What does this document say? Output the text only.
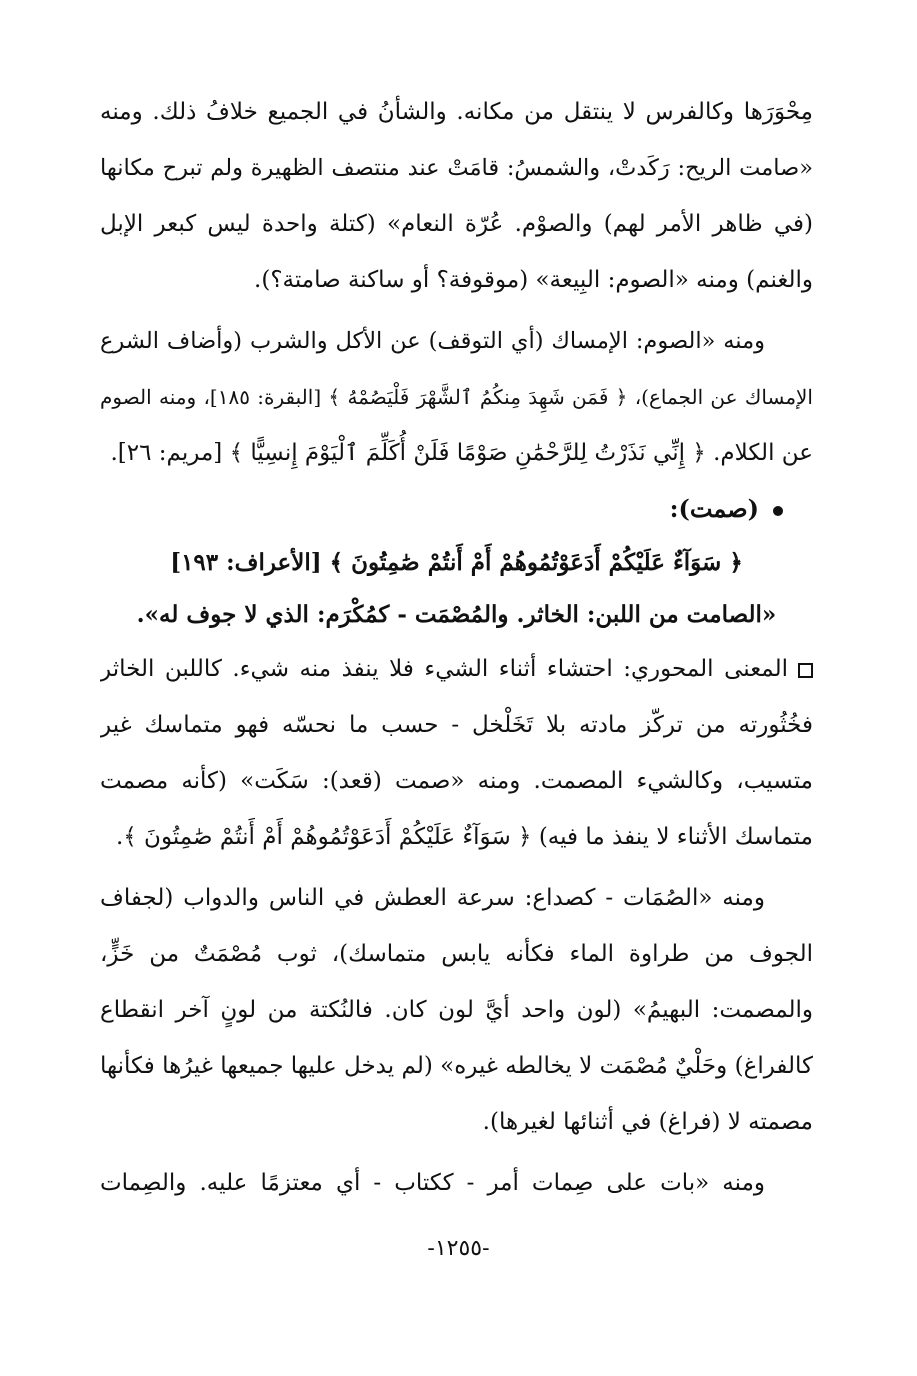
مِحْوَرَها وكالفرس لا ينتقل من مكانه. والشأنُ في الجميع خلافُ ذلك. ومنه
«صامت الريح: رَكَدتْ، والشمسُ: قامَتْ عند منتصف الظهيرة ولم تبرح مكانها
(في ظاهر الأمر لهم) والصوْم. عُرّة النعام» (كتلة واحدة ليس كبعر الإبل
والغنم) ومنه «الصوم: البِيعة» (موقوفة؟ أو ساكنة صامتة؟).
ومنه «الصوم: الإمساك (أي التوقف) عن الأكل والشرب (وأضاف الشرع
الإمساك عن الجماع)، ﴿ فَمَن شَهِدَ مِنكُمُ ٱلشَّهْرَ فَلْيَصُمْهُ ﴾ [البقرة: ١٨٥]، ومنه الصوم
عن الكلام. ﴿ إِنِّي نَذَرْتُ لِلرَّحْمَٰنِ صَوْمًا فَلَنْ أُكَلِّمَ ٱلْيَوْمَ إِنسِيًّا ﴾ [مريم: ٢٦].
(صمت):
﴿ سَوَآءٌ عَلَيْكُمْ أَدَعَوْتُمُوهُمْ أَمْ أَنتُمْ صَٰمِتُونَ ﴾ [الأعراف: ١٩٣]
«الصامت من اللبن: الخاثر. والمُصْمَت - كمُكْرَم: الذي لا جوف له».
المعنى المحوري: احتشاء أثناء الشيء فلا ينفذ منه شيء. كاللبن الخاثر
فخُثُورته من تركّز مادته بلا تَخَلْخل - حسب ما نحسّه فهو متماسك غير
متسيب، وكالشيء المصمت. ومنه «صمت (قعد): سَكَت» (كأنه مصمت
متماسك الأثناء لا ينفذ ما فيه) ﴿ سَوَآءٌ عَلَيْكُمْ أَدَعَوْتُمُوهُمْ أَمْ أَنتُمْ صَٰمِتُونَ ﴾.
ومنه «الصُمَات - كصداع: سرعة العطش في الناس والدواب (لجفاف
الجوف من طراوة الماء فكأنه يابس متماسك)، ثوب مُصْمَتٌ من خَزٍّ،
والمصمت: البهيمُ» (لون واحد أيَّ لون كان. فالنُكتة من لونٍ آخر انقطاع
كالفراغ) وحَلْيٌ مُصْمَت لا يخالطه غيره» (لم يدخل عليها جميعها غيرُها فكأنها
مصمته لا (فراغ) في أثنائها لغيرها).
ومنه «بات على صِمات أمر - ككتاب - أي معتزمًا عليه. والصِمات
-١٢٥٥-
